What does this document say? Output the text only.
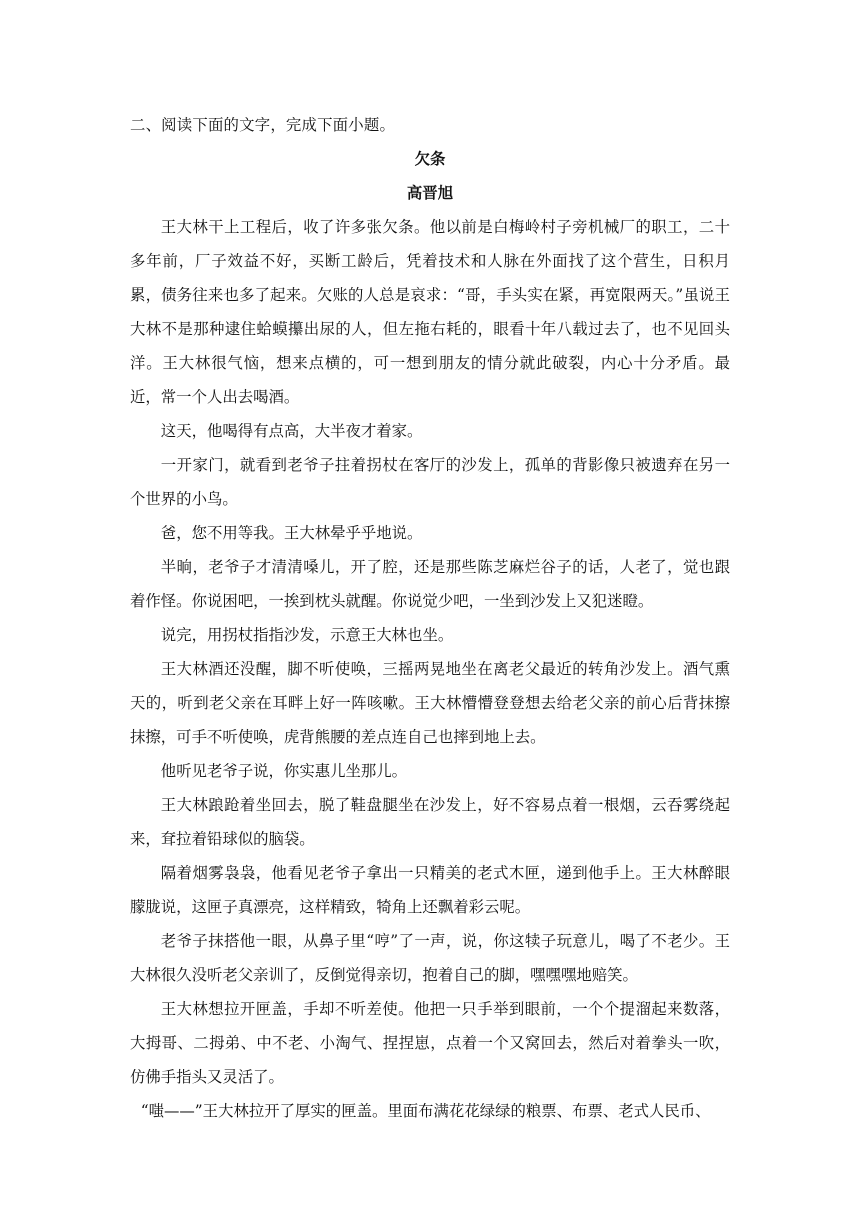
二、阅读下面的文字，完成下面小题。

欠条

高晋旭

王大林干上工程后，收了许多张欠条。他以前是白梅岭村子旁机械厂的职工，二十多年前，厂子效益不好，买断工龄后，凭着技术和人脉在外面找了这个营生，日积月累，债务往来也多了起来。欠账的人总是哀求：“哥，手头实在紧，再宽限两天。”虽说王大林不是那种逮住蛤蟆攥出尿的人，但左拖右耗的，眼看十年八载过去了，也不见回头洋。王大林很气恼，想来点横的，可一想到朋友的情分就此破裂，内心十分矛盾。最近，常一个人出去喝酒。

这天，他喝得有点高，大半夜才着家。

一开家门，就看到老爷子拄着拐杖在客厅的沙发上，孤单的背影像只被遗弃在另一个世界的小鸟。

爸，您不用等我。王大林晕乎乎地说。

半晌，老爷子才清清嗓儿，开了腔，还是那些陈芝麻烂谷子的话，人老了，觉也跟着作怪。你说困吧，一挨到枕头就醒。你说觉少吧，一坐到沙发上又犯迷瞪。

说完，用拐杖指指沙发，示意王大林也坐。

王大林酒还没醒，脚不听使唤，三摇两晃地坐在离老父最近的转角沙发上。酒气熏天的，听到老父亲在耳畔上好一阵咳嗽。王大林懵懵登登想去给老父亲的前心后背抹擦抹擦，可手不听使唤，虎背熊腰的差点连自己也摔到地上去。

他听见老爷子说，你实惠儿坐那儿。

王大林踉跄着坐回去，脱了鞋盘腿坐在沙发上，好不容易点着一根烟，云吞雾绕起来，耷拉着铅球似的脑袋。

隔着烟雾袅袅，他看见老爷子拿出一只精美的老式木匣，递到他手上。王大林醉眼朦胧说，这匣子真漂亮，这样精致，犄角上还飘着彩云呢。

老爷子抹搭他一眼，从鼻子里“哼”了一声，说，你这犊子玩意儿，喝了不老少。王大林很久没听老父亲训了，反倒觉得亲切，抱着自己的脚，嘿嘿嘿地赔笑。

王大林想拉开匣盖，手却不听差使。他把一只手举到眼前，一个个提溜起来数落，大拇哥、二拇弟、中不老、小淘气、捏捏崽，点着一个又窝回去，然后对着拳头一吹，仿佛手指头又灵活了。

“嗤——”王大林拉开了厚实的匣盖。里面布满花花绿绿的粮票、布票、老式人民币、
